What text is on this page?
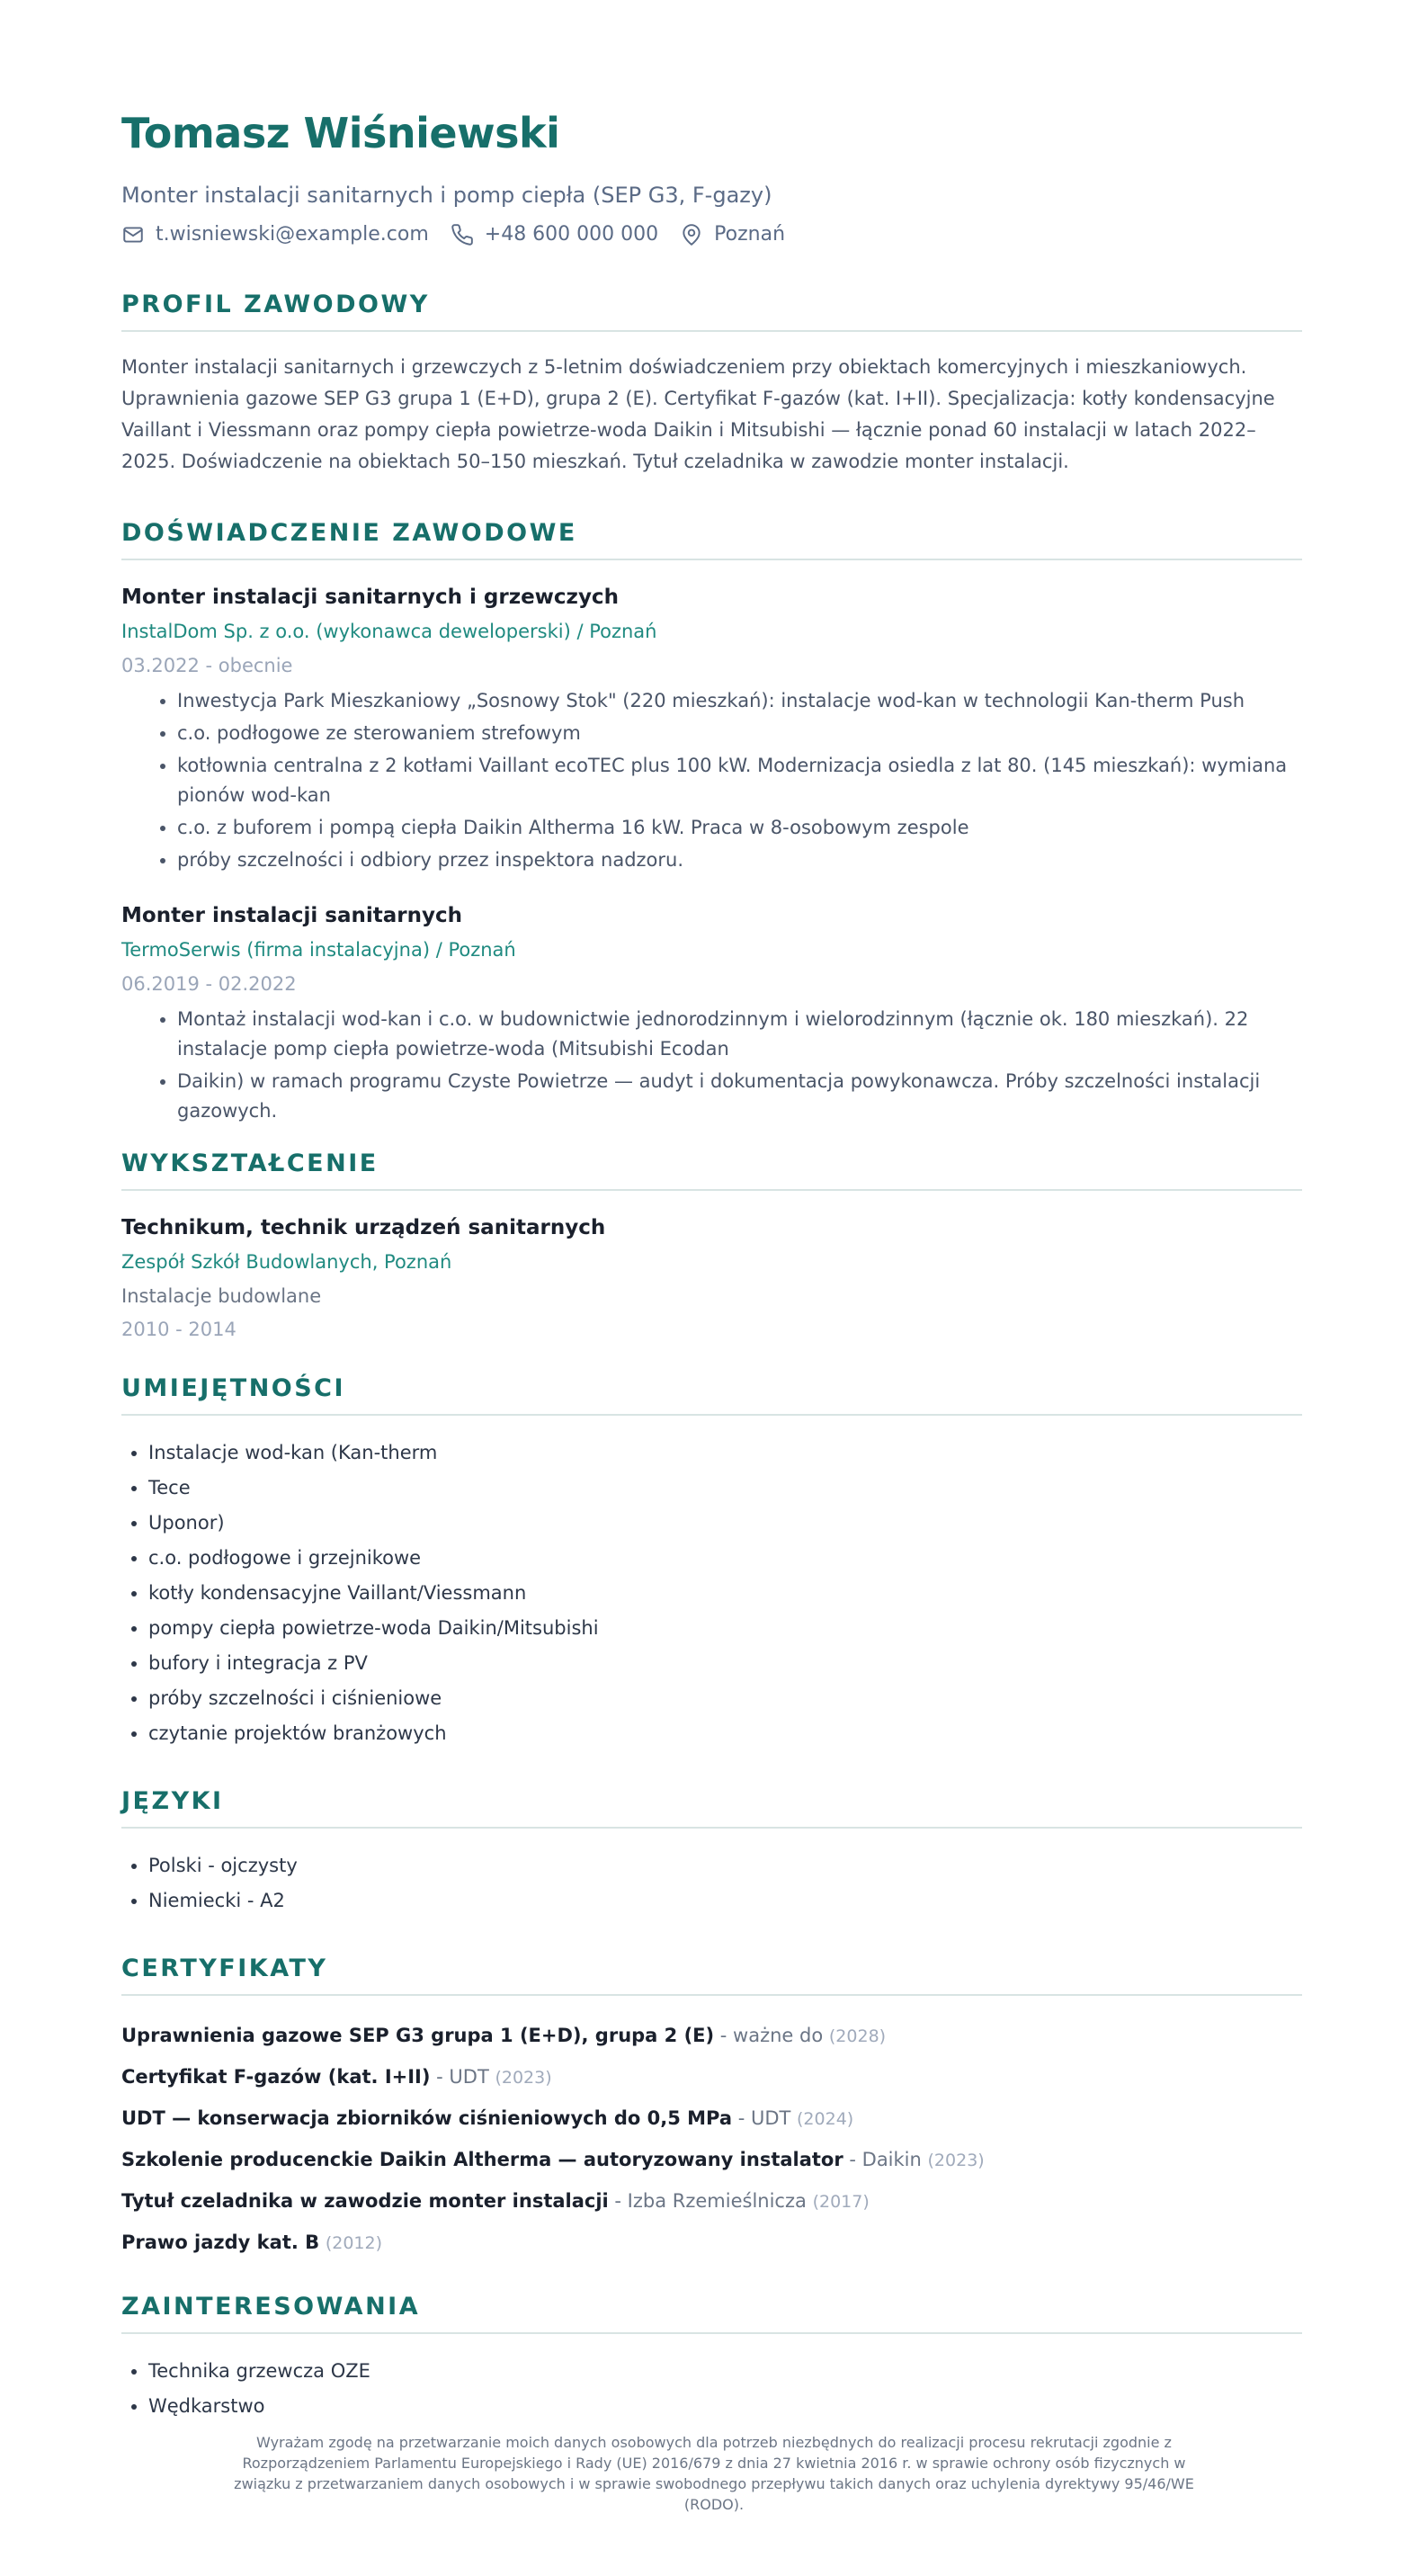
Tomasz Wiśniewski
Monter instalacji sanitarnych i pomp ciepła (SEP G3, F-gazy)
t.wisniewski@example.com	+48 600 000 000	Poznań
PROFIL ZAWODOWY

Monter instalacji sanitarnych i grzewczych z 5-letnim doświadczeniem przy obiektach komercyjnych i mieszkaniowych. Uprawnienia gazowe SEP G3 grupa 1 (E+D), grupa 2 (E). Certyfikat F-gazów (kat. I+II). Specjalizacja: kotły kondensacyjne Vaillant i Viessmann oraz pompy ciepła powietrze-woda Daikin i Mitsubishi — łącznie ponad 60 instalacji w latach 2022–2025. Doświadczenie na obiektach 50–150 mieszkań. Tytuł czeladnika w zawodzie monter instalacji.

DOŚWIADCZENIE ZAWODOWE
Monter instalacji sanitarnych i grzewczych
InstalDom Sp. z o.o. (wykonawca deweloperski) / Poznań
03.2022 - obecnie
• Inwestycja Park Mieszkaniowy „Sosnowy Stok" (220 mieszkań): instalacje wod-kan w technologii Kan-therm Push
• c.o. podłogowe ze sterowaniem strefowym
• kotłownia centralna z 2 kotłami Vaillant ecoTEC plus 100 kW. Modernizacja osiedla z lat 80. (145 mieszkań): wymiana pionów wod-kan
• c.o. z buforem i pompą ciepła Daikin Altherma 16 kW. Praca w 8-osobowym zespole
• próby szczelności i odbiory przez inspektora nadzoru.
Monter instalacji sanitarnych
TermoSerwis (firma instalacyjna) / Poznań
06.2019 - 02.2022
• Montaż instalacji wod-kan i c.o. w budownictwie jednorodzinnym i wielorodzinnym (łącznie ok. 180 mieszkań). 22 instalacje pomp ciepła powietrze-woda (Mitsubishi Ecodan
• Daikin) w ramach programu Czyste Powietrze — audyt i dokumentacja powykonawcza. Próby szczelności instalacji gazowych.
WYKSZTAŁCENIE
Technikum, technik urządzeń sanitarnych
Zespół Szkół Budowlanych, Poznań
Instalacje budowlane
2010 - 2014
UMIEJĘTNOŚCI
• Instalacje wod-kan (Kan-therm
• Tece
• Uponor)
• c.o. podłogowe i grzejnikowe
• kotły kondensacyjne Vaillant/Viessmann
• pompy ciepła powietrze-woda Daikin/Mitsubishi
• bufory i integracja z PV
• próby szczelności i ciśnieniowe
• czytanie projektów branżowych
JĘZYKI
• Polski - ojczysty
• Niemiecki - A2
CERTYFIKATY
Uprawnienia gazowe SEP G3 grupa 1 (E+D), grupa 2 (E) - ważne do (2028)
Certyfikat F-gazów (kat. I+II) - UDT (2023)
UDT — konserwacja zbiorników ciśnieniowych do 0,5 MPa - UDT (2024)
Szkolenie producenckie Daikin Altherma — autoryzowany instalator - Daikin (2023)
Tytuł czeladnika w zawodzie monter instalacji - Izba Rzemieślnicza (2017)
Prawo jazdy kat. B (2012)
ZAINTERESOWANIA
• Technika grzewcza OZE
• Wędkarstwo
Wyrażam zgodę na przetwarzanie moich danych osobowych dla potrzeb niezbędnych do realizacji procesu rekrutacji zgodnie z Rozporządzeniem Parlamentu Europejskiego i Rady (UE) 2016/679 z dnia 27 kwietnia 2016 r. w sprawie ochrony osób fizycznych w związku z przetwarzaniem danych osobowych i w sprawie swobodnego przepływu takich danych oraz uchylenia dyrektywy 95/46/WE (RODO).
